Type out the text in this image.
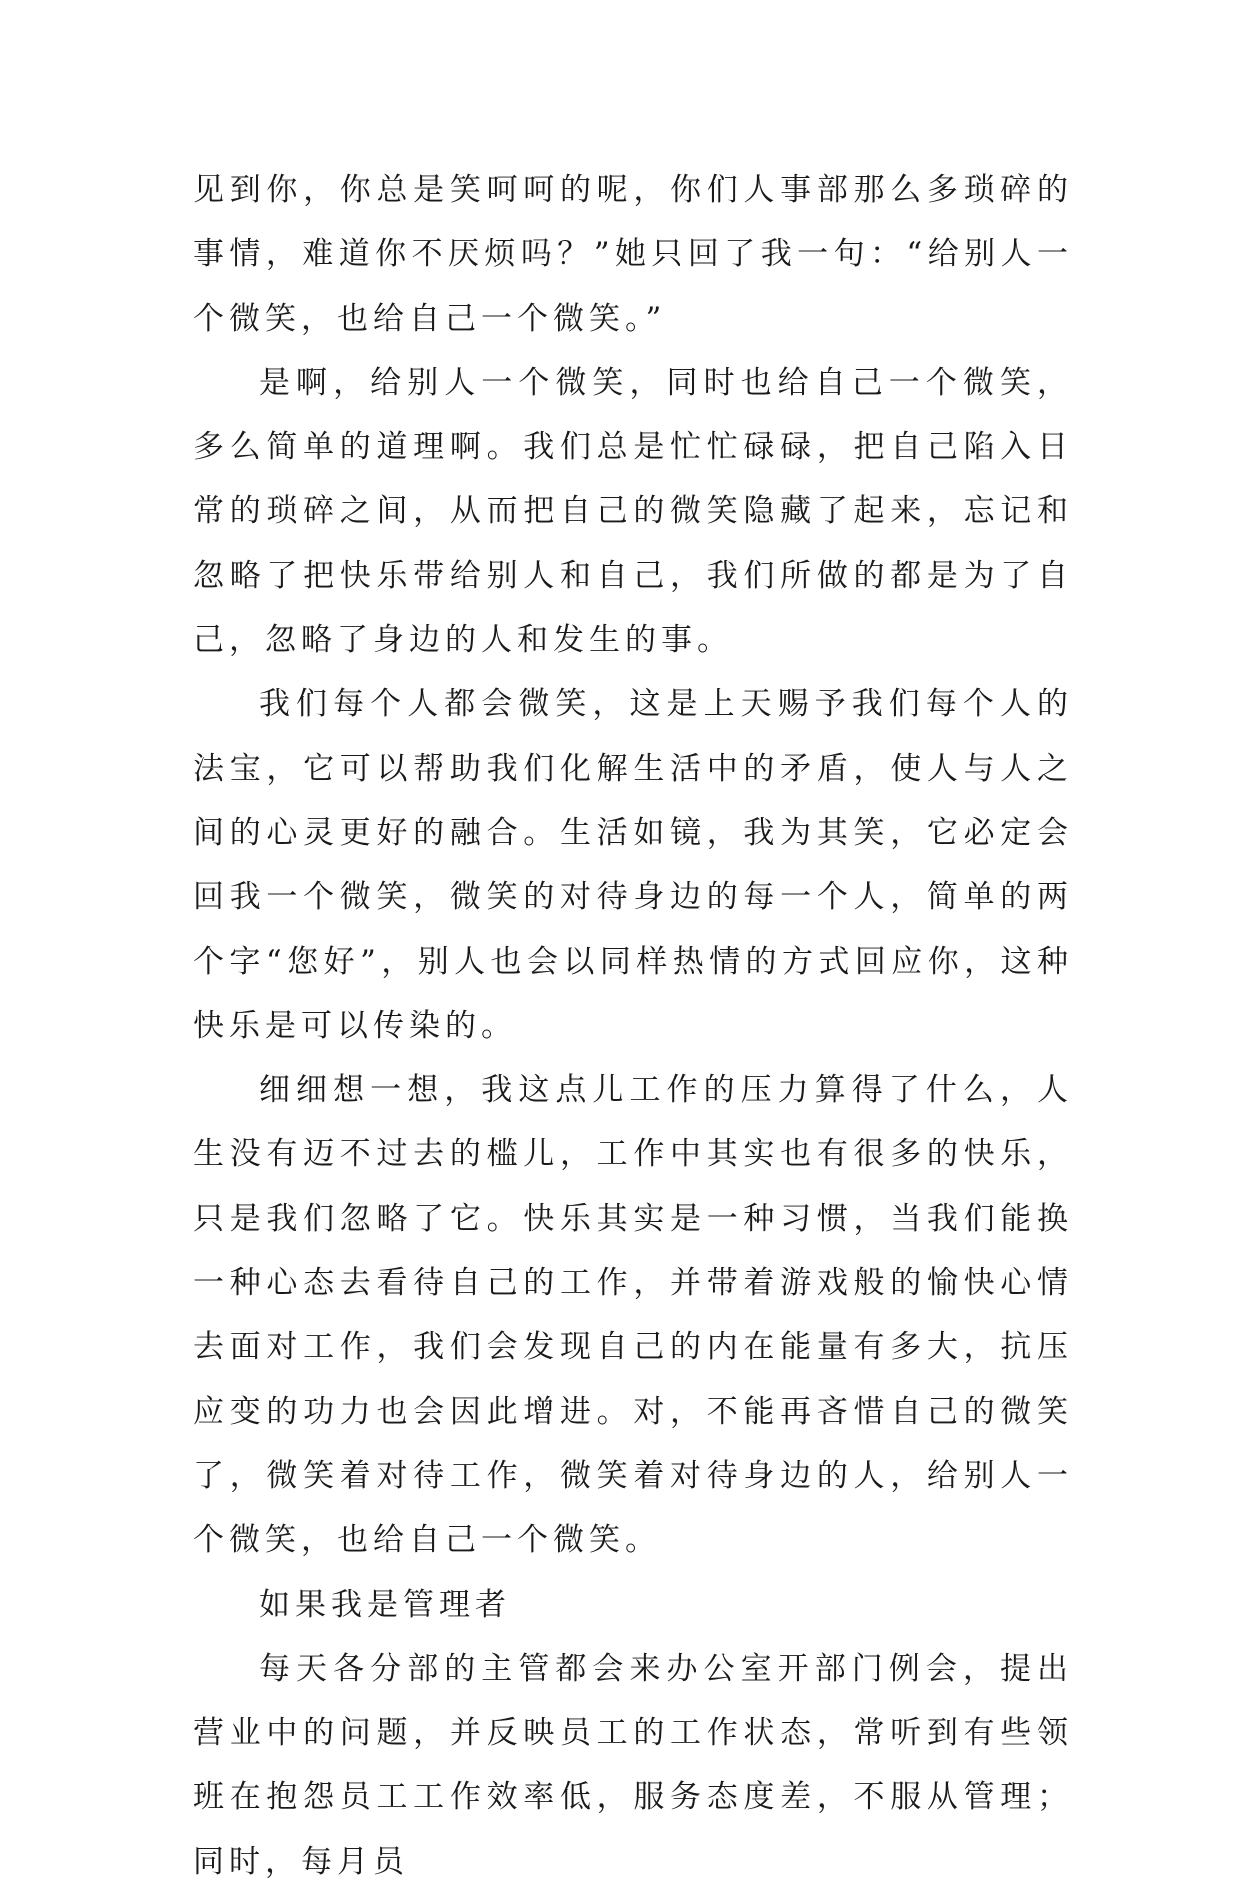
见到你，你总是笑呵呵的呢，你们人事部那么多琐碎的事情，难道你不厌烦吗？”她只回了我一句：“给别人一个微笑，也给自己一个微笑。”

是啊，给别人一个微笑，同时也给自己一个微笑，多么简单的道理啊。我们总是忙忙碌碌，把自己陷入日常的琐碎之间，从而把自己的微笑隐藏了起来，忘记和忽略了把快乐带给别人和自己，我们所做的都是为了自己，忽略了身边的人和发生的事。

我们每个人都会微笑，这是上天赐予我们每个人的法宝，它可以帮助我们化解生活中的矛盾，使人与人之间的心灵更好的融合。生活如镜，我为其笑，它必定会回我一个微笑，微笑的对待身边的每一个人，简单的两个字“您好”，别人也会以同样热情的方式回应你，这种快乐是可以传染的。

细细想一想，我这点儿工作的压力算得了什么，人生没有迈不过去的槛儿，工作中其实也有很多的快乐，只是我们忽略了它。快乐其实是一种习惯，当我们能换一种心态去看待自己的工作，并带着游戏般的愉快心情去面对工作，我们会发现自己的内在能量有多大，抗压应变的功力也会因此增进。对，不能再吝惜自己的微笑了，微笑着对待工作，微笑着对待身边的人，给别人一个微笑，也给自己一个微笑。

如果我是管理者

每天各分部的主管都会来办公室开部门例会，提出营业中的问题，并反映员工的工作状态，常听到有些领班在抱怨员工工作效率低，服务态度差，不服从管理；同时，每月员
